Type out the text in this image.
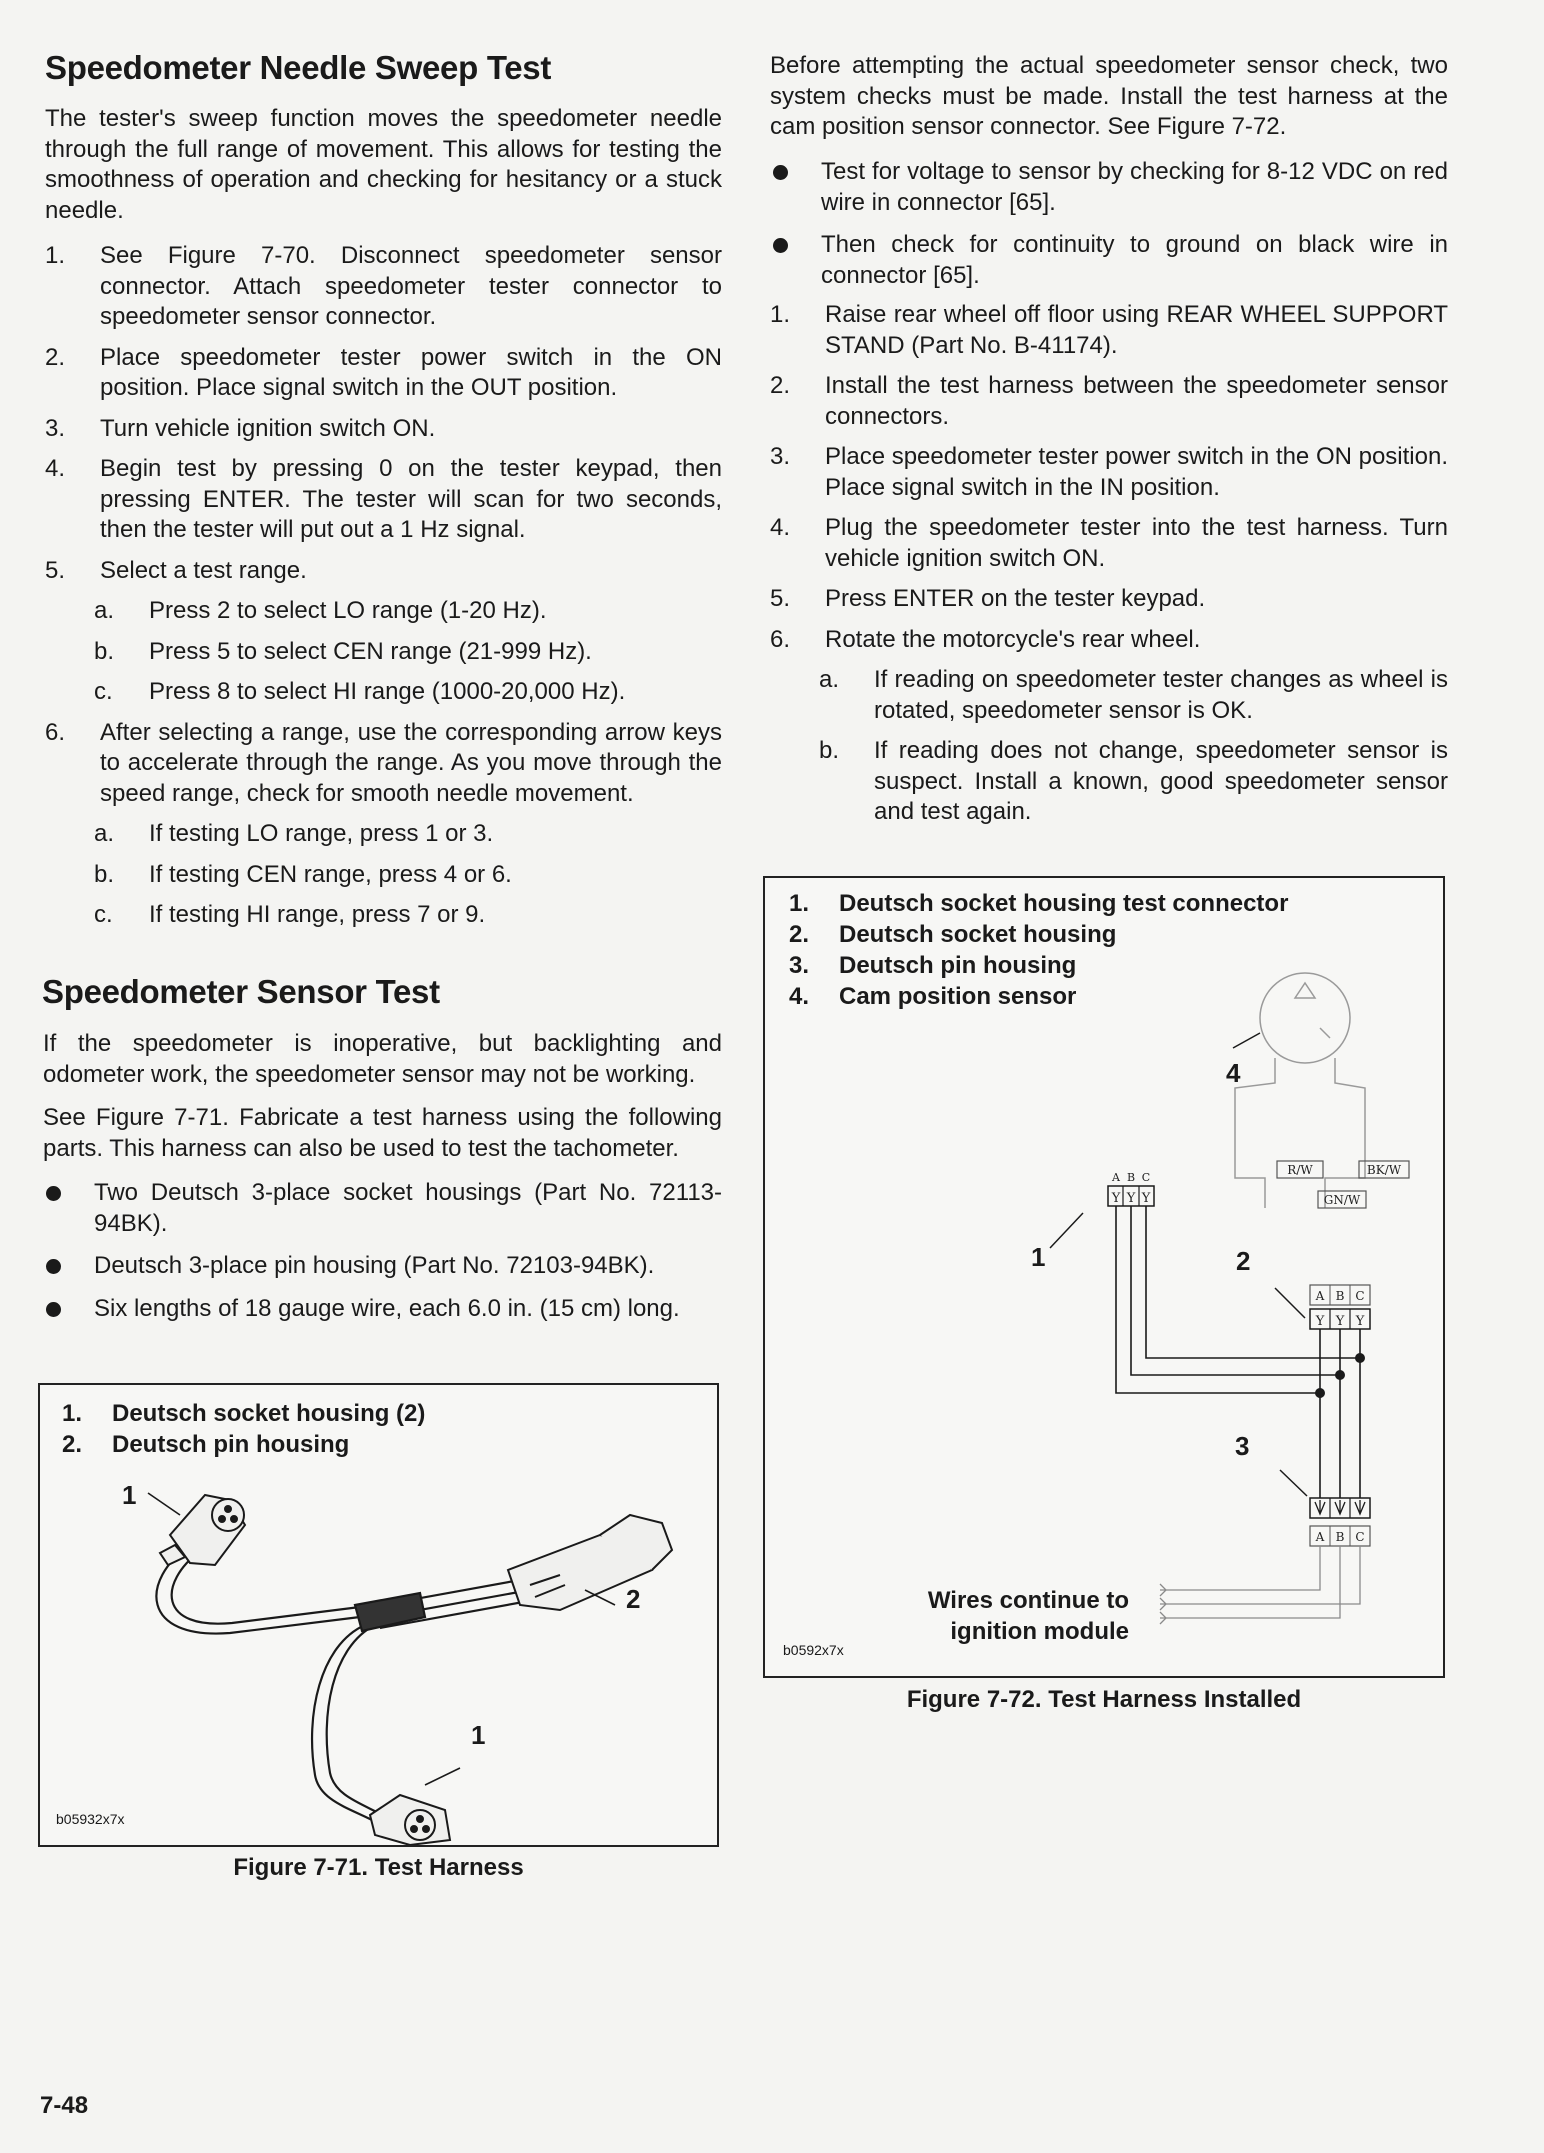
Speedometer Needle Sweep Test

The tester's sweep function moves the speedometer needle through the full range of movement. This allows for testing the smoothness of operation and checking for hesitancy or a stuck needle.

1. See Figure 7-70. Disconnect speedometer sensor connector. Attach speedometer tester connector to speedometer sensor connector.
2. Place speedometer tester power switch in the ON position. Place signal switch in the OUT position.
3. Turn vehicle ignition switch ON.
4. Begin test by pressing 0 on the tester keypad, then pressing ENTER. The tester will scan for two seconds, then the tester will put out a 1 Hz signal.
5. Select a test range.
a. Press 2 to select LO range (1-20 Hz).
b. Press 5 to select CEN range (21-999 Hz).
c. Press 8 to select HI range (1000-20,000 Hz).
6. After selecting a range, use the corresponding arrow keys to accelerate through the range. As you move through the speed range, check for smooth needle movement.
a. If testing LO range, press 1 or 3.
b. If testing CEN range, press 4 or 6.
c. If testing HI range, press 7 or 9.
Speedometer Sensor Test

If the speedometer is inoperative, but backlighting and odometer work, the speedometer sensor may not be working.

See Figure 7-71. Fabricate a test harness using the following parts. This harness can also be used to test the tachometer.

Two Deutsch 3-place socket housings (Part No. 72113-94BK).
Deutsch 3-place pin housing (Part No. 72103-94BK).
Six lengths of 18 gauge wire, each 6.0 in. (15 cm) long.
1. Deutsch socket housing (2)
2. Deutsch pin housing
1
2
1
b05932x7x
Figure 7-71. Test Harness

Before attempting the actual speedometer sensor check, two system checks must be made. Install the test harness at the cam position sensor connector. See Figure 7-72.

Test for voltage to sensor by checking for 8-12 VDC on red wire in connector [65].
Then check for continuity to ground on black wire in connector [65].
1. Raise rear wheel off floor using REAR WHEEL SUPPORT STAND (Part No. B-41174).
2. Install the test harness between the speedometer sensor connectors.
3. Place speedometer tester power switch in the ON position. Place signal switch in the IN position.
4. Plug the speedometer tester into the test harness. Turn vehicle ignition switch ON.
5. Press ENTER on the tester keypad.
6. Rotate the motorcycle's rear wheel.
a. If reading on speedometer tester changes as wheel is rotated, speedometer sensor is OK.
b. If reading does not change, speedometer sensor is suspect. Install a known, good speedometer sensor and test again.
1. Deutsch socket housing test connector
2. Deutsch socket housing
3. Deutsch pin housing
4. Cam position sensor
R/W	BK/W
GN/W
A B C
Y Y Y
A B C
Y Y Y
A B C
4
1	2
3
Wires continue to
ignition module
b0592x7x
Figure 7-72. Test Harness Installed
7-48
